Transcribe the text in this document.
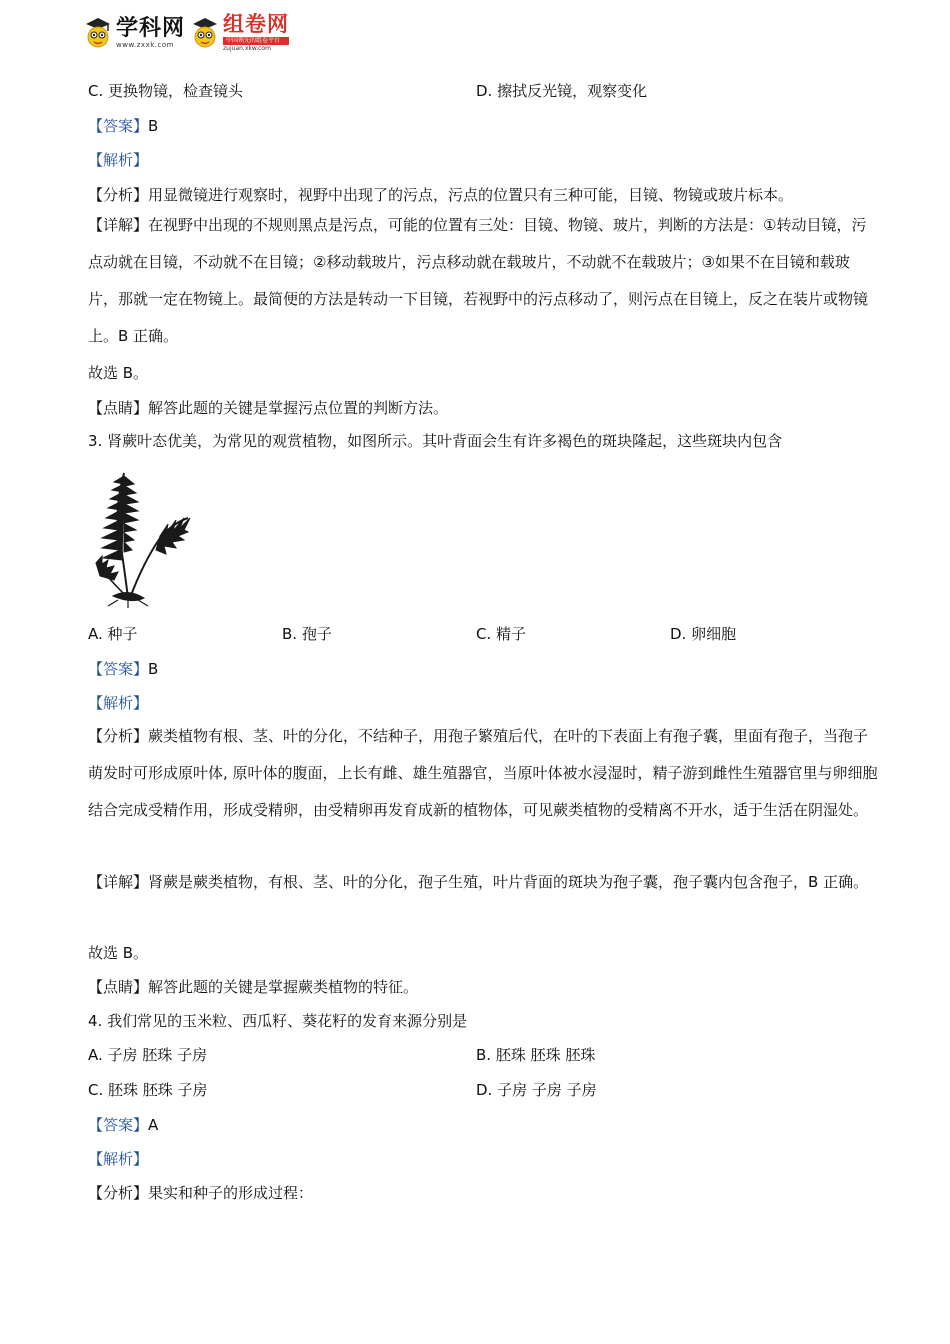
学科网
www.zxxk.com
组卷网
中国领先的组卷平台
zujuan.xkw.com
C. 更换物镜，检查镜头	D. 擦拭反光镜，观察变化
【答案】B
【解析】
【分析】用显微镜进行观察时，视野中出现了的污点，污点的位置只有三种可能，目镜、物镜或玻片标本。
【详解】在视野中出现的不规则黑点是污点，可能的位置有三处：目镜、物镜、玻片，判断的方法是：①转动目镜，污点动就在目镜，不动就不在目镜；②移动载玻片，污点移动就在载玻片，不动就不在载玻片；③如果不在目镜和载玻片，那就一定在物镜上。最简便的方法是转动一下目镜，若视野中的污点移动了，则污点在目镜上，反之在装片或物镜上。B 正确。
故选 B。
【点睛】解答此题的关键是掌握污点位置的判断方法。
3. 肾蕨叶态优美，为常见的观赏植物，如图所示。其叶背面会生有许多褐色的斑块隆起，这些斑块内包含
A. 种子	B. 孢子	C. 精子	D. 卵细胞
【答案】B
【解析】
【分析】蕨类植物有根、茎、叶的分化，不结种子，用孢子繁殖后代，在叶的下表面上有孢子囊，里面有孢子，当孢子萌发时可形成原叶体, 原叶体的腹面，上长有雌、雄生殖器官，当原叶体被水浸湿时，精子游到雌性生殖器官里与卵细胞结合完成受精作用，形成受精卵，由受精卵再发育成新的植物体，可见蕨类植物的受精离不开水，适于生活在阴湿处。
【详解】肾蕨是蕨类植物，有根、茎、叶的分化，孢子生殖，叶片背面的斑块为孢子囊，孢子囊内包含孢子，B 正确。
故选 B。
【点睛】解答此题的关键是掌握蕨类植物的特征。
4. 我们常见的玉米粒、西瓜籽、葵花籽的发育来源分别是
A. 子房 胚珠 子房	B. 胚珠 胚珠 胚珠
C. 胚珠 胚珠 子房	D. 子房 子房 子房
【答案】A
【解析】
【分析】果实和种子的形成过程：
